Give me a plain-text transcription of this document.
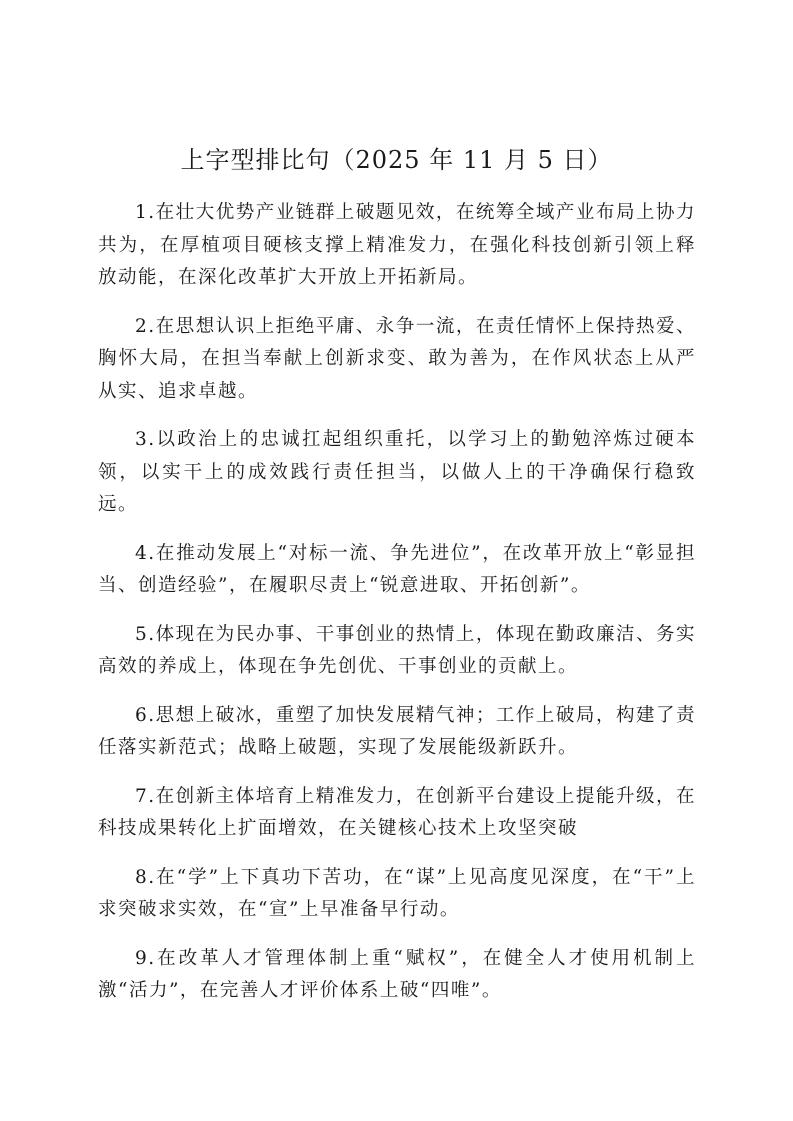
上字型排比句（2025 年 11 月 5 日）

1.在壮大优势产业链群上破题见效，在统筹全域产业布局上协力共为，在厚植项目硬核支撑上精准发力，在强化科技创新引领上释放动能，在深化改革扩大开放上开拓新局。

2.在思想认识上拒绝平庸、永争一流，在责任情怀上保持热爱、胸怀大局，在担当奉献上创新求变、敢为善为，在作风状态上从严从实、追求卓越。

3.以政治上的忠诚扛起组织重托，以学习上的勤勉淬炼过硬本领，以实干上的成效践行责任担当，以做人上的干净确保行稳致远。

4.在推动发展上“对标一流、争先进位”，在改革开放上“彰显担当、创造经验”，在履职尽责上“锐意进取、开拓创新”。

5.体现在为民办事、干事创业的热情上，体现在勤政廉洁、务实高效的养成上，体现在争先创优、干事创业的贡献上。

6.思想上破冰，重塑了加快发展精气神；工作上破局，构建了责任落实新范式；战略上破题，实现了发展能级新跃升。

7.在创新主体培育上精准发力，在创新平台建设上提能升级，在科技成果转化上扩面增效，在关键核心技术上攻坚突破

8.在“学”上下真功下苦功，在“谋”上见高度见深度，在“干”上求突破求实效，在“宣”上早准备早行动。

9.在改革人才管理体制上重“赋权”，在健全人才使用机制上激“活力”，在完善人才评价体系上破“四唯”。
